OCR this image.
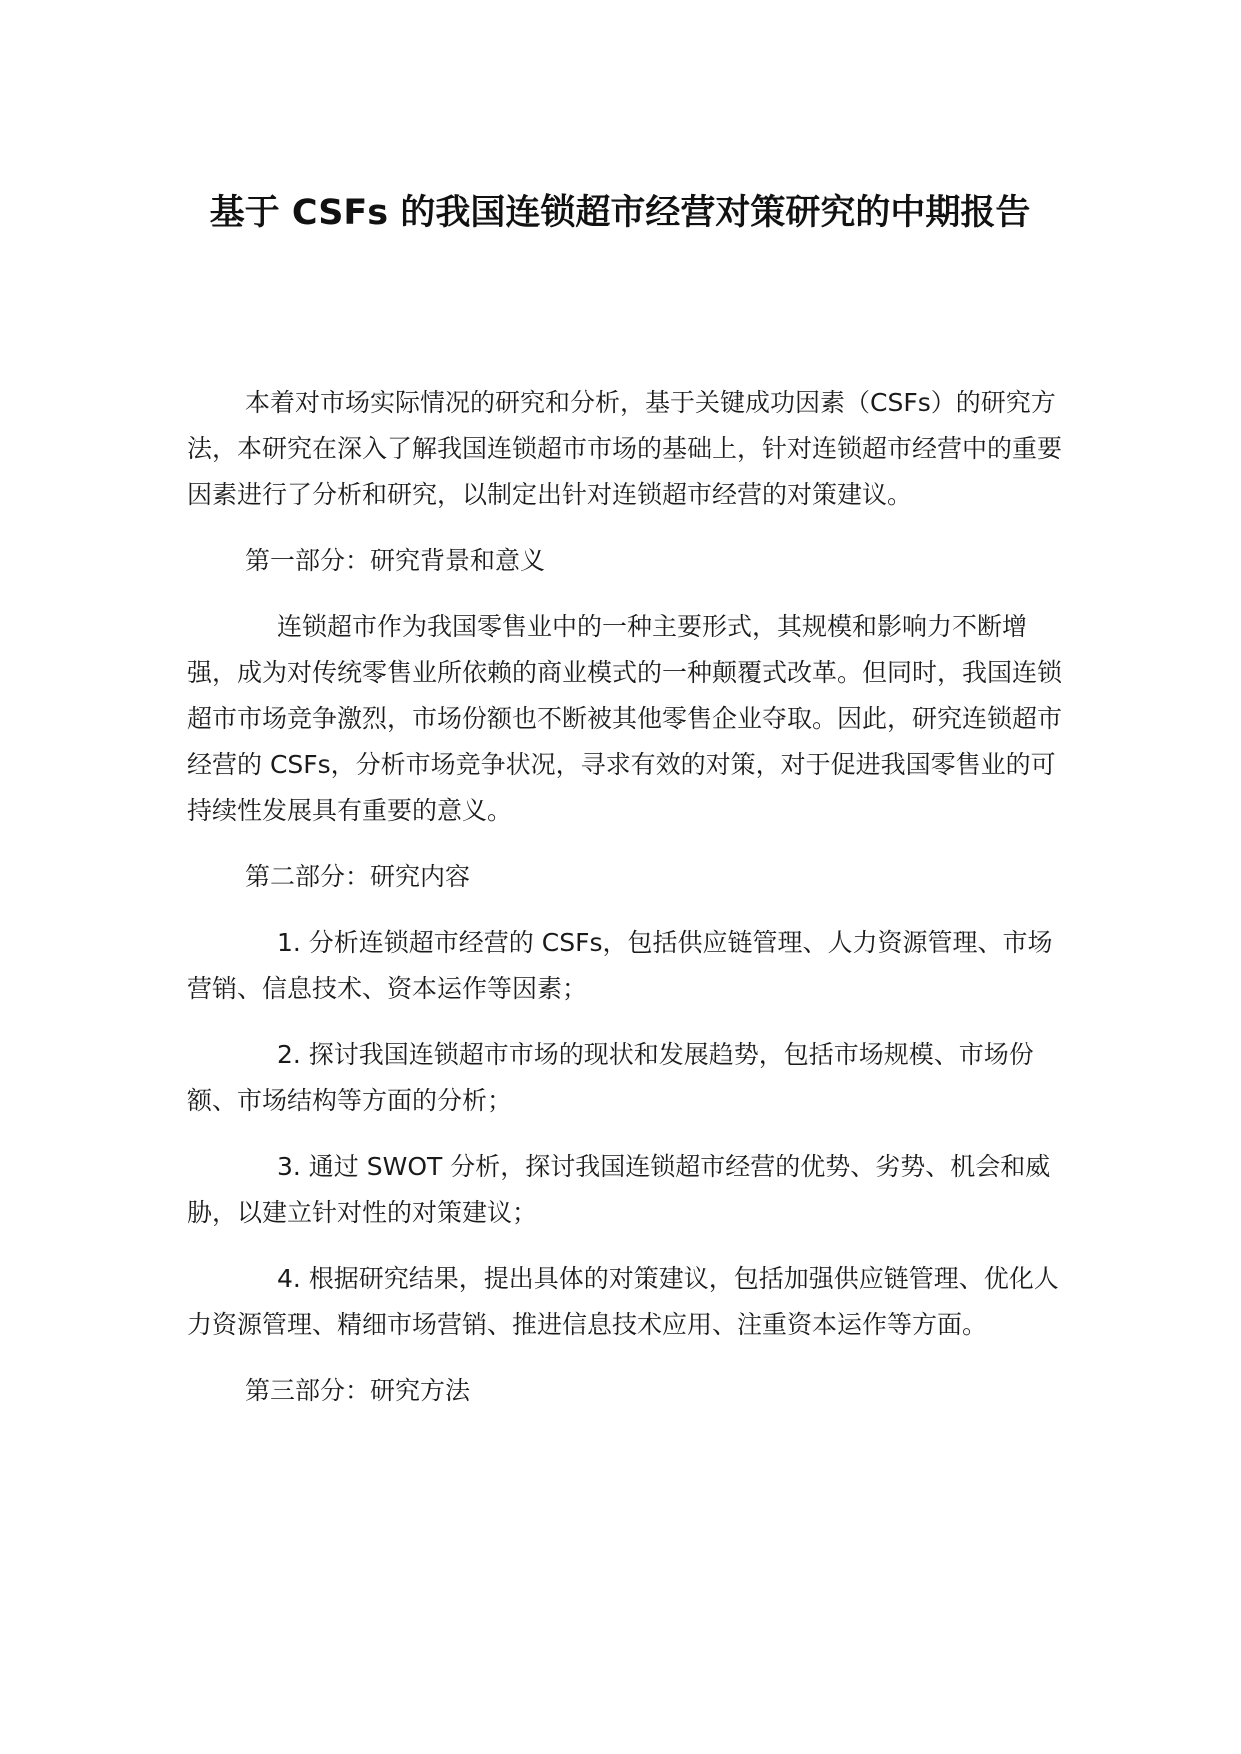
基于 CSFs 的我国连锁超市经营对策研究的中期报告

本着对市场实际情况的研究和分析，基于关键成功因素（CSFs）的研究方法，本研究在深入了解我国连锁超市市场的基础上，针对连锁超市经营中的重要因素进行了分析和研究，以制定出针对连锁超市经营的对策建议。

第一部分：研究背景和意义

连锁超市作为我国零售业中的一种主要形式，其规模和影响力不断增强，成为对传统零售业所依赖的商业模式的一种颠覆式改革。但同时，我国连锁超市市场竞争激烈，市场份额也不断被其他零售企业夺取。因此，研究连锁超市经营的 CSFs，分析市场竞争状况，寻求有效的对策，对于促进我国零售业的可持续性发展具有重要的意义。

第二部分：研究内容

1. 分析连锁超市经营的 CSFs，包括供应链管理、人力资源管理、市场营销、信息技术、资本运作等因素；

2. 探讨我国连锁超市市场的现状和发展趋势，包括市场规模、市场份额、市场结构等方面的分析；

3. 通过 SWOT 分析，探讨我国连锁超市经营的优势、劣势、机会和威胁，以建立针对性的对策建议；

4. 根据研究结果，提出具体的对策建议，包括加强供应链管理、优化人力资源管理、精细市场营销、推进信息技术应用、注重资本运作等方面。

第三部分：研究方法
